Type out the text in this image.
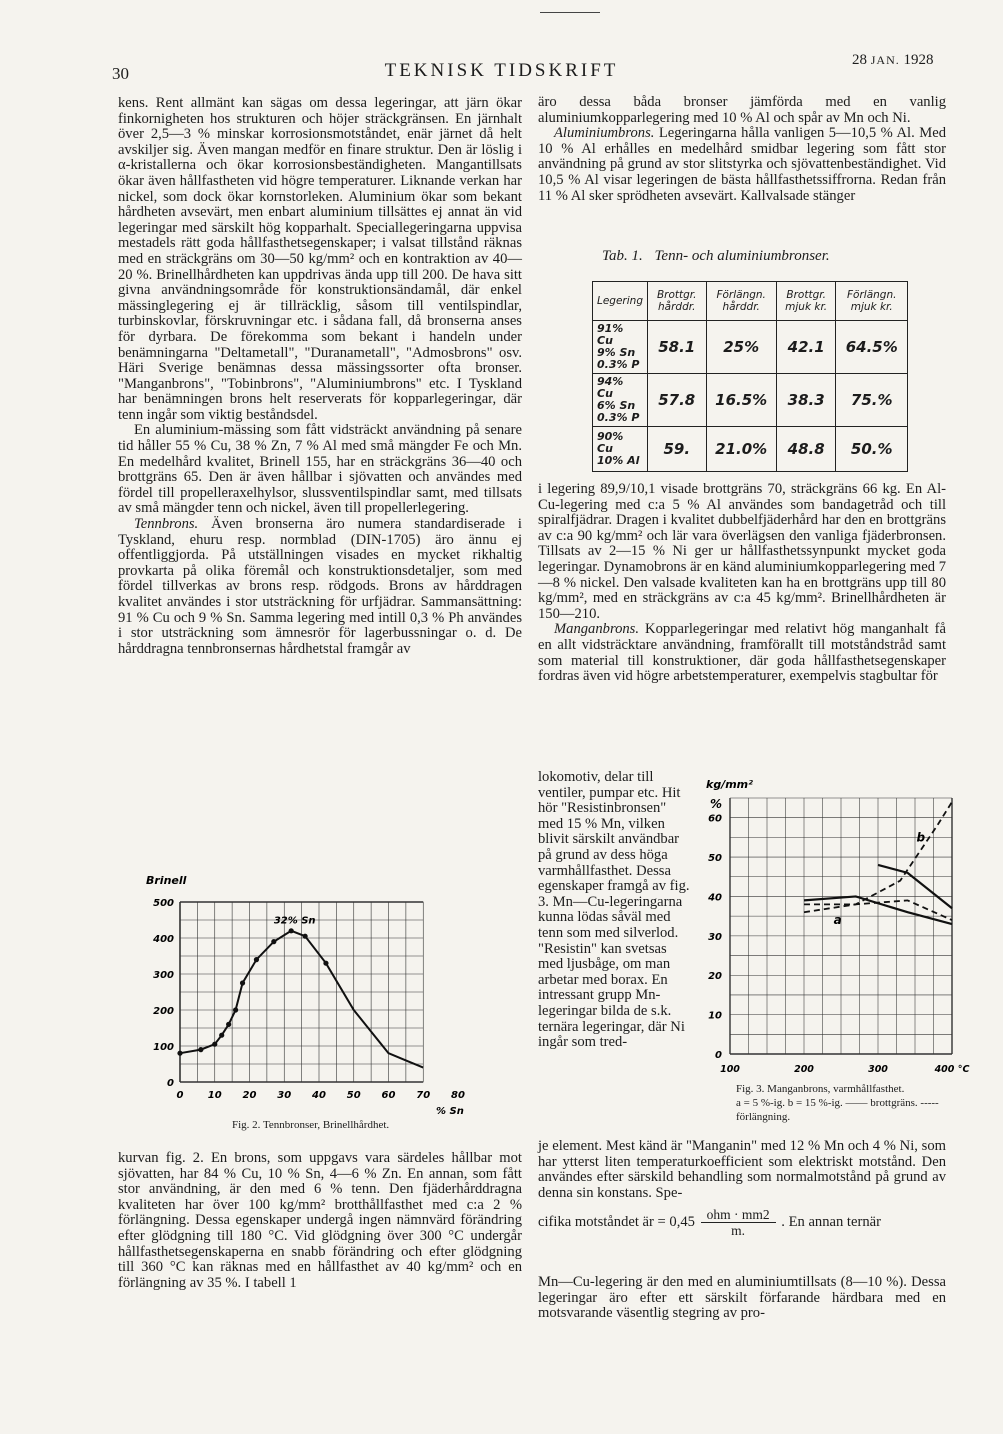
30	TEKNISK TIDSKRIFT	28 JAN. 1928

kens. Rent allmänt kan sägas om dessa legeringar, att järn ökar finkornigheten hos strukturen och höjer sträckgränsen. En järnhalt över 2,5—3 % minskar korrosionsmotståndet, enär järnet då helt avskiljer sig. Även mangan medför en finare struktur. Den är löslig i α-kristallerna och ökar korrosionsbeständigheten. Mangantillsats ökar även hållfastheten vid högre temperaturer. Liknande verkan har nickel, som dock ökar kornstorleken. Aluminium ökar som bekant hårdheten avsevärt, men enbart aluminium tillsättes ej annat än vid legeringar med särskilt hög kopparhalt. Speciallegeringarna uppvisa mestadels rätt goda hållfasthetsegenskaper; i valsat tillstånd räknas med en sträckgräns om 30—50 kg/mm² och en kontraktion av 40—20 %. Brinellhårdheten kan uppdrivas ända upp till 200. De hava sitt givna användningsområde för konstruktionsändamål, där enkel mässinglegering ej är tillräcklig, såsom till ventilspindlar, turbinskovlar, förskruvningar etc. i sådana fall, då bronserna anses för dyrbara. De förekomma som bekant i handeln under benämningarna "Deltametall", "Duranametall", "Admosbrons" osv. Häri Sverige benämnas dessa mässingssorter ofta bronser. "Manganbrons", "Tobinbrons", "Aluminiumbrons" etc. I Tyskland har benämningen brons helt reserverats för kopparlegeringar, där tenn ingår som viktig beståndsdel.

En aluminium-mässing som fått vidsträckt användning på senare tid håller 55 % Cu, 38 % Zn, 7 % Al med små mängder Fe och Mn. En medelhård kvalitet, Brinell 155, har en sträckgräns 36—40 och brottgräns 65. Den är även hållbar i sjövatten och användes med fördel till propelleraxelhylsor, slussventilspindlar samt, med tillsats av små mängder tenn och nickel, även till propellerlegering.

Tennbrons. Även bronserna äro numera standardiserade i Tyskland, ehuru resp. normblad (DIN-1705) äro ännu ej offentliggjorda. På utställningen visades en mycket rikhaltig provkarta på olika föremål och konstruktionsdetaljer, som med fördel tillverkas av brons resp. rödgods. Brons av hårddragen kvalitet användes i stor utsträckning för urfjädrar. Sammansättning: 91 % Cu och 9 % Sn. Samma legering med intill 0,3 % Ph användes i stor utsträckning som ämnesrör för lagerbussningar o. d. De hårddragna tennbronsernas hårdhetstal framgår av

0
100
200
300
400
500
0 10 20 30 40 50 60 70 80
Brinell
32% Sn
% Sn
Fig. 2. Tennbronser, Brinellhårdhet.

kurvan fig. 2. En brons, som uppgavs vara särdeles hållbar mot sjövatten, har 84 % Cu, 10 % Sn, 4—6 % Zn. En annan, som fått stor användning, är den med 6 % tenn. Den fjäderhårddragna kvaliteten har över 100 kg/mm² brotthållfasthet med c:a 2 % förlängning. Dessa egenskaper undergå ingen nämnvärd förändring efter glödgning till 180 °C. Vid glödgning över 300 °C undergår hållfasthetsegenskaperna en snabb förändring och efter glödgning till 360 °C kan räknas med en hållfasthet av 40 kg/mm² och en förlängning av 35 %. I tabell 1

äro dessa båda bronser jämförda med en vanlig aluminiumkopparlegering med 10 % Al och spår av Mn och Ni.

Aluminiumbrons. Legeringarna hålla vanligen 5—10,5 % Al. Med 10 % Al erhålles en medelhård smidbar legering som fått stor användning på grund av stor slitstyrka och sjövattenbeständighet. Vid 10,5 % Al visar legeringen de bästa hållfasthetssiffrorna. Redan från 11 % Al sker sprödheten avsevärt. Kallvalsade stänger

Tab. 1. Tenn- och aluminiumbronser.
Legering	Brottgr. hårddr.	Förlängn. hårddr.	Brottgr. mjuk kr.	Förlängn. mjuk kr.

91% Cu
9% Sn
0.3% P	58.1	25%	42.1	64.5%

94% Cu
6% Sn
0.3% P	57.8	16.5%	38.3	75.%

90% Cu
10% Al	59.	21.0%	48.8	50.%

i legering 89,9/10,1 visade brottgräns 70, sträckgräns 66 kg. En Al-Cu-legering med c:a 5 % Al användes som bandagetråd och till spiralfjädrar. Dragen i kvalitet dubbelfjäderhård har den en brottgräns av c:a 90 kg/mm² och lär vara överlägsen den vanliga fjäderbronsen. Tillsats av 2—15 % Ni ger ur hållfasthetssynpunkt mycket goda legeringar. Dynamobrons är en känd aluminiumkopparlegering med 7—8 % nickel. Den valsade kvaliteten kan ha en brottgräns upp till 80 kg/mm², med en sträckgräns av c:a 45 kg/mm². Brinellhårdheten är 150—210.

Manganbrons. Kopparlegeringar med relativt hög manganhalt få en allt vidsträcktare användning, framförallt till motståndstråd samt som material till konstruktioner, där goda hållfasthetsegenskaper fordras även vid högre arbetstemperaturer, exempelvis stagbultar för

lokomotiv, delar till ventiler, pumpar etc. Hit hör "Resistinbronsen" med 15 % Mn, vilken blivit särskilt användbar på grund av dess höga varmhållfasthet. Dessa egenskaper framgå av fig. 3. Mn—Cu-legeringarna kunna lödas såväl med tenn som med silverlod. "Resistin" kan svetsas med ljusbåge, om man arbetar med borax. En intressant grupp Mn-legeringar bilda de s.k. ternära legeringar, där Ni ingår som tred-

0
10
20
30
40
50
60
100	200	300	400 °C
kg/mm²
%
a
b
Fig. 3. Manganbrons, varmhållfasthet.
a = 5 %-ig. b = 15 %-ig. —— brottgräns. ----- förlängning.

je element. Mest känd är "Manganin" med 12 % Mn och 4 % Ni, som har ytterst liten temperaturkoefficient som elektriskt motstånd. Den användes efter särskild behandling som normalmotstånd på grund av denna sin konstans. Spe-

cifika motståndet är = $0,45 \frac{\text{ohm · mm2}}{m.}$ . En annan ternär

Mn—Cu-legering är den med en aluminiumtillsats (8—10 %). Dessa legeringar äro efter ett särskilt förfarande härdbara med en motsvarande väsentlig stegring av pro-
